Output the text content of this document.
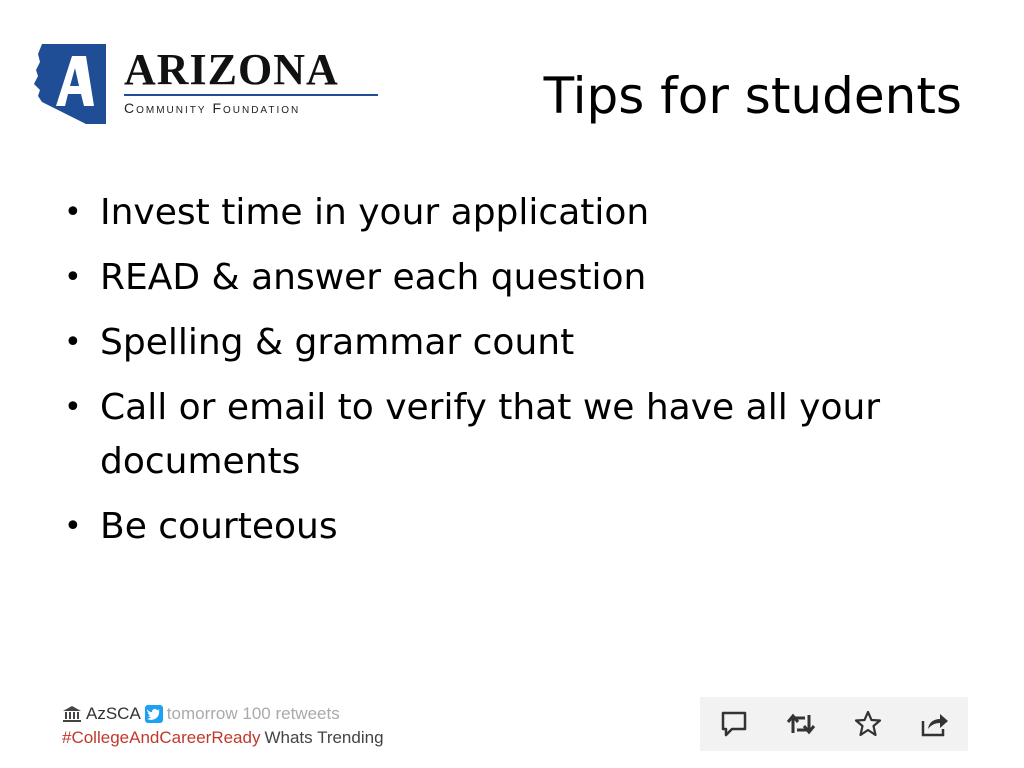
ARIZONA
Community Foundation	Tips for students
• Invest time in your application
• READ & answer each question
• Spelling & grammar count
• Call or email to verify that we have all your documents
• Be courteous
AzSCA tomorrow 100 retweets
#CollegeAndCareerReady Whats Trending
